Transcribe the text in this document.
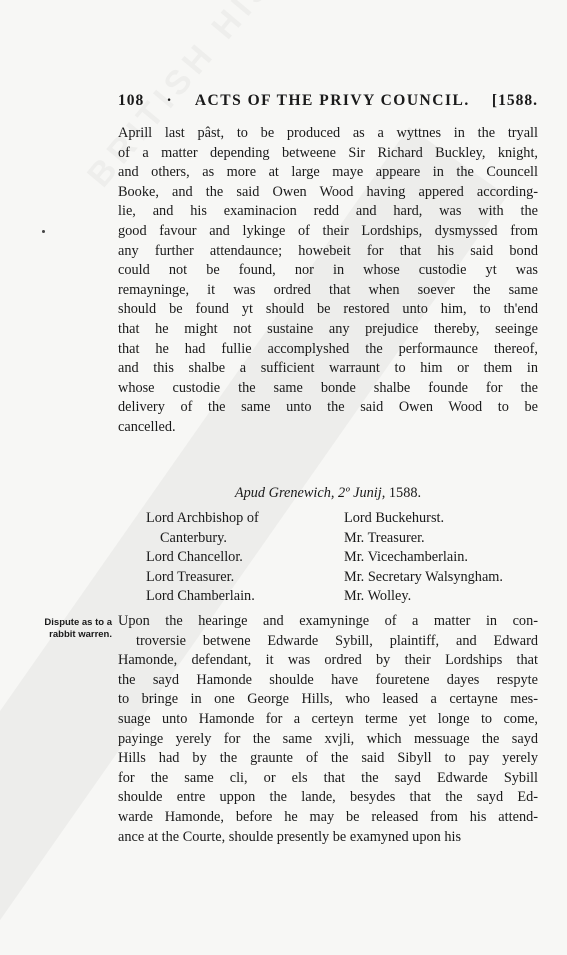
108 · ACTS OF THE PRIVY COUNCIL. [1588.
Aprill last pâst, to be produced as a wyttnes in the tryall
of a matter depending betweene Sir Richard Buckley, knight,
and others, as more at large maye appeare in the Councell
Booke, and the said Owen Wood having appered according-
lie, and his examinacion redd and hard, was with the
good favour and lykinge of their Lordships, dysmyssed from
any further attendaunce; howebeit for that his said bond
could not be found, nor in whose custodie yt was
remayninge, it was ordred that when soever the same
should be found yt should be restored unto him, to th'end
that he might not sustaine any prejudice thereby, seeinge
that he had fullie accomplyshed the performaunce thereof,
and this shalbe a sufficient warraunt to him or them in
whose custodie the same bonde shalbe founde for the
delivery of the same unto the said Owen Wood to be
cancelled.
Apud Grenewich, 2º Junij, 1588.
Lord Archbishop of
Canterbury.
Lord Chancellor.
Lord Treasurer.
Lord Chamberlain.
Lord Buckehurst.
Mr. Treasurer.
Mr. Vicechamberlain.
Mr. Secretary Walsyngham.
Mr. Wolley.
Dispute as to a
rabbit warren.
Upon the hearinge and examyninge of a matter in con-
troversie betwene Edwarde Sybill, plaintiff, and Edward
Hamonde, defendant, it was ordred by their Lordships that
the sayd Hamonde shoulde have fouretene dayes respyte
to bringe in one George Hills, who leased a certayne mes-
suage unto Hamonde for a certeyn terme yet longe to come,
payinge yerely for the same xvjli, which messuage the sayd
Hills had by the graunte of the said Sibyll to pay yerely
for the same cli, or els that the sayd Edwarde Sybill
shoulde entre uppon the lande, besydes that the sayd Ed-
warde Hamonde, before he may be released from his attend-
ance at the Courte, shoulde presently be examyned upon his
